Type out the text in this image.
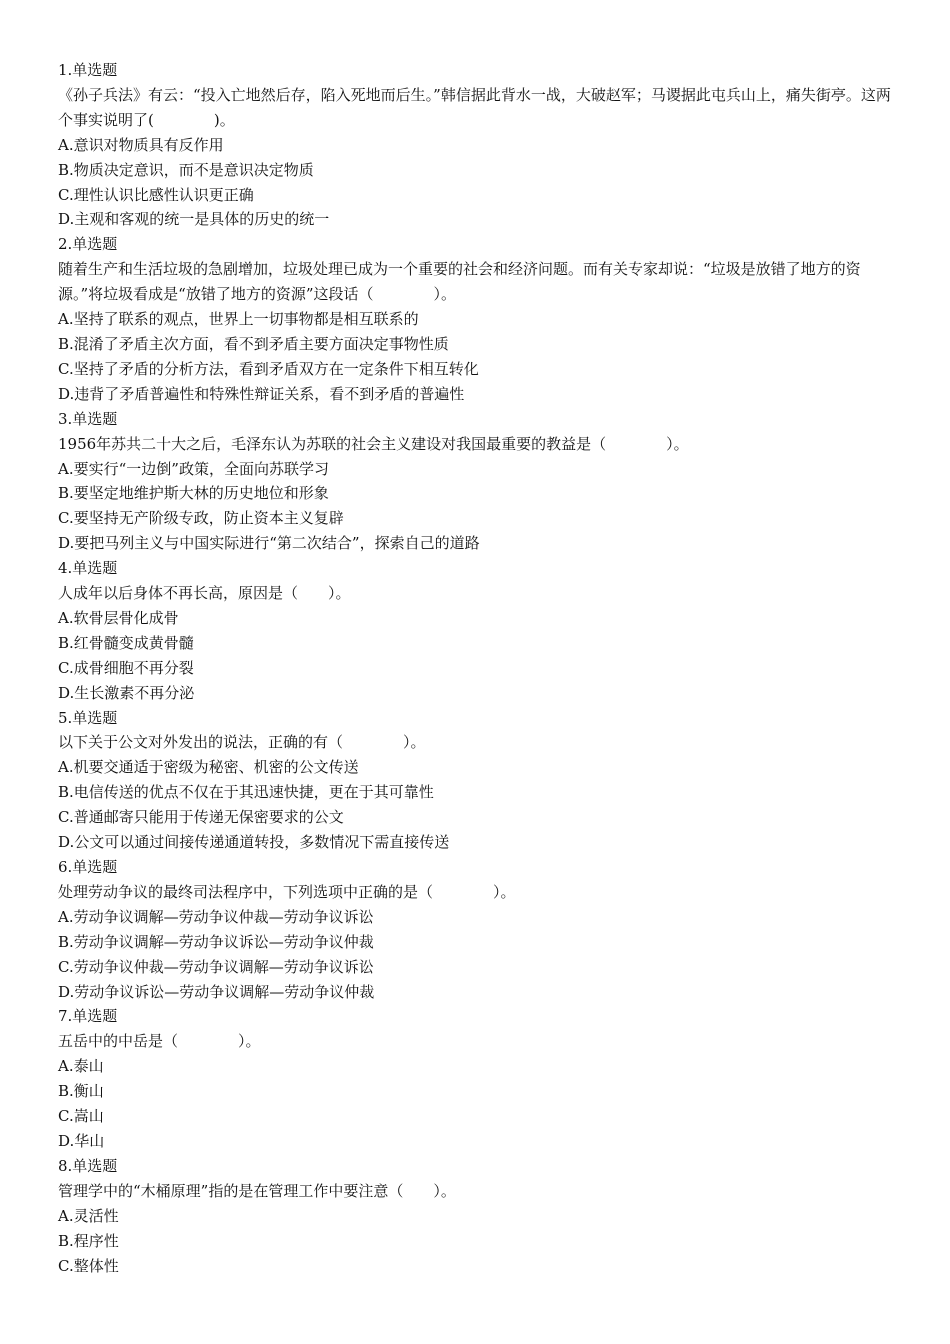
1.单选题
《孙子兵法》有云：“投入亡地然后存，陷入死地而后生。”韩信据此背水一战，大破赵军；马谡据此屯兵山上，痛失街亭。这两个事实说明了(　　　　)。
A.意识对物质具有反作用
B.物质决定意识，而不是意识决定物质
C.理性认识比感性认识更正确
D.主观和客观的统一是具体的历史的统一
2.单选题
随着生产和生活垃圾的急剧增加，垃圾处理已成为一个重要的社会和经济问题。而有关专家却说：“垃圾是放错了地方的资源。”将垃圾看成是“放错了地方的资源”这段话（　　　　）。
A.坚持了联系的观点，世界上一切事物都是相互联系的
B.混淆了矛盾主次方面，看不到矛盾主要方面决定事物性质
C.坚持了矛盾的分析方法，看到矛盾双方在一定条件下相互转化
D.违背了矛盾普遍性和特殊性辩证关系，看不到矛盾的普遍性
3.单选题
1956年苏共二十大之后，毛泽东认为苏联的社会主义建设对我国最重要的教益是（　　　　）。
A.要实行“一边倒”政策，全面向苏联学习
B.要坚定地维护斯大林的历史地位和形象
C.要坚持无产阶级专政，防止资本主义复辟
D.要把马列主义与中国实际进行“第二次结合”，探索自己的道路
4.单选题
人成年以后身体不再长高，原因是（　　）。
A.软骨层骨化成骨
B.红骨髓变成黄骨髓
C.成骨细胞不再分裂
D.生长激素不再分泌
5.单选题
以下关于公文对外发出的说法，正确的有（　　　　）。
A.机要交通适于密级为秘密、机密的公文传送
B.电信传送的优点不仅在于其迅速快捷，更在于其可靠性
C.普通邮寄只能用于传递无保密要求的公文
D.公文可以通过间接传递通道转投，多数情况下需直接传送
6.单选题
处理劳动争议的最终司法程序中，下列选项中正确的是（　　　　）。
A.劳动争议调解—劳动争议仲裁—劳动争议诉讼
B.劳动争议调解—劳动争议诉讼—劳动争议仲裁
C.劳动争议仲裁—劳动争议调解—劳动争议诉讼
D.劳动争议诉讼—劳动争议调解—劳动争议仲裁
7.单选题
五岳中的中岳是（　　　　）。
A.泰山
B.衡山
C.嵩山
D.华山
8.单选题
管理学中的“木桶原理”指的是在管理工作中要注意（　　）。
A.灵活性
B.程序性
C.整体性
